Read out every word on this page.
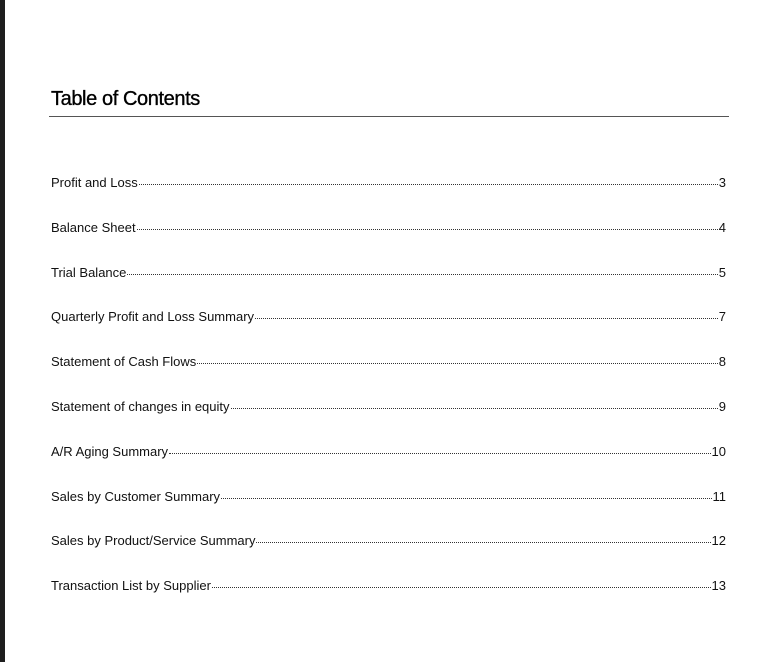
Table of Contents
Profit and Loss	3
Balance Sheet	4
Trial Balance	5
Quarterly Profit and Loss Summary	7
Statement of Cash Flows	8
Statement of changes in equity	9
A/R Aging Summary	10
Sales by Customer Summary	11
Sales by Product/Service Summary	12
Transaction List by Supplier	13
